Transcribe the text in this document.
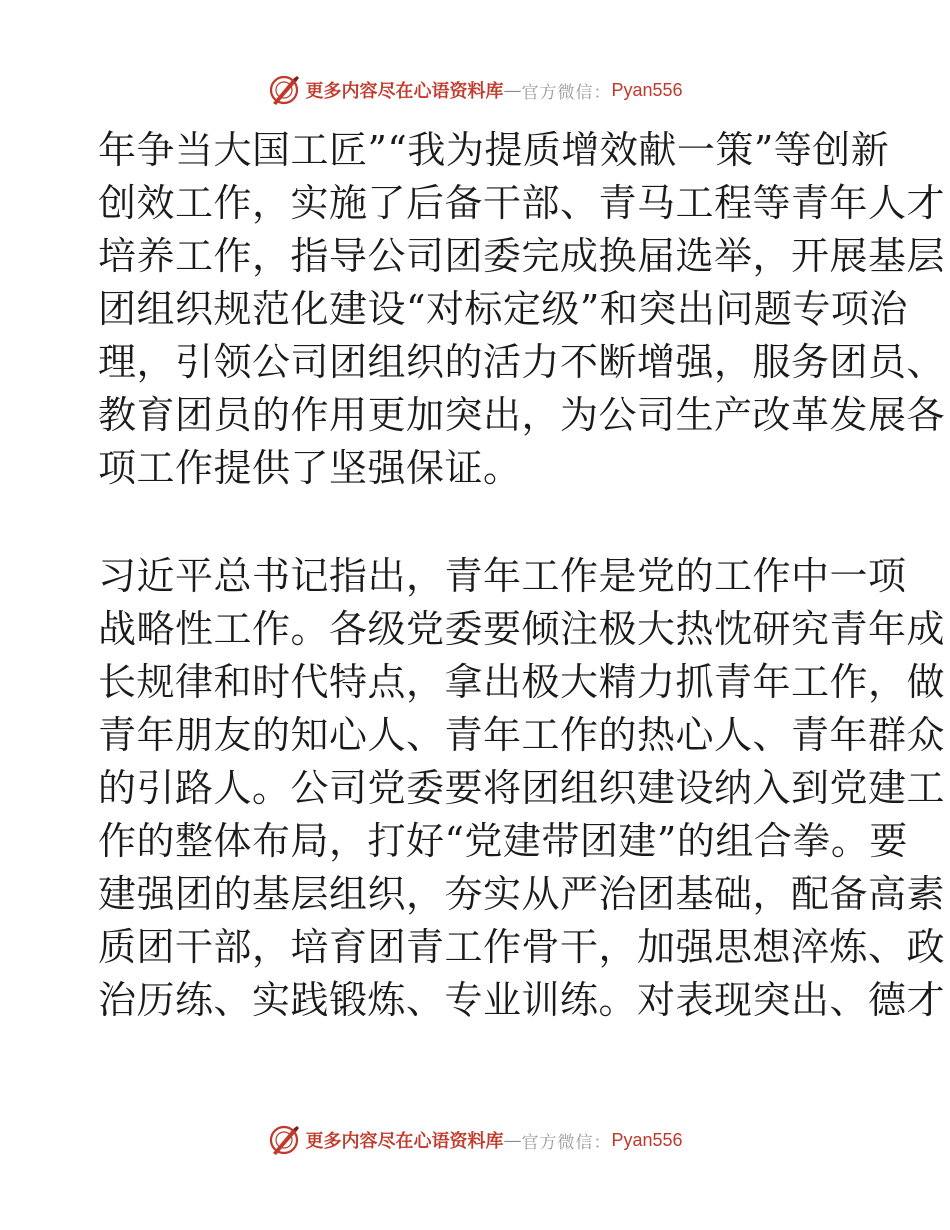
更多内容尽在心语资料库 — 官方微信： Pyan556
年争当大国工匠”“我为提质增效献一策”等创新
创效工作，实施了后备干部、青马工程等青年人才
培养工作，指导公司团委完成换届选举，开展基层
团组织规范化建设“对标定级”和突出问题专项治
理，引领公司团组织的活力不断增强，服务团员、
教育团员的作用更加突出，为公司生产改革发展各
项工作提供了坚强保证。
习近平总书记指出，青年工作是党的工作中一项
战略性工作。各级党委要倾注极大热忱研究青年成
长规律和时代特点，拿出极大精力抓青年工作，做
青年朋友的知心人、青年工作的热心人、青年群众
的引路人。公司党委要将团组织建设纳入到党建工
作的整体布局，打好“党建带团建”的组合拳。要
建强团的基层组织，夯实从严治团基础，配备高素
质团干部，培育团青工作骨干，加强思想淬炼、政
治历练、实践锻炼、专业训练。对表现突出、德才
更多内容尽在心语资料库 — 官方微信： Pyan556
